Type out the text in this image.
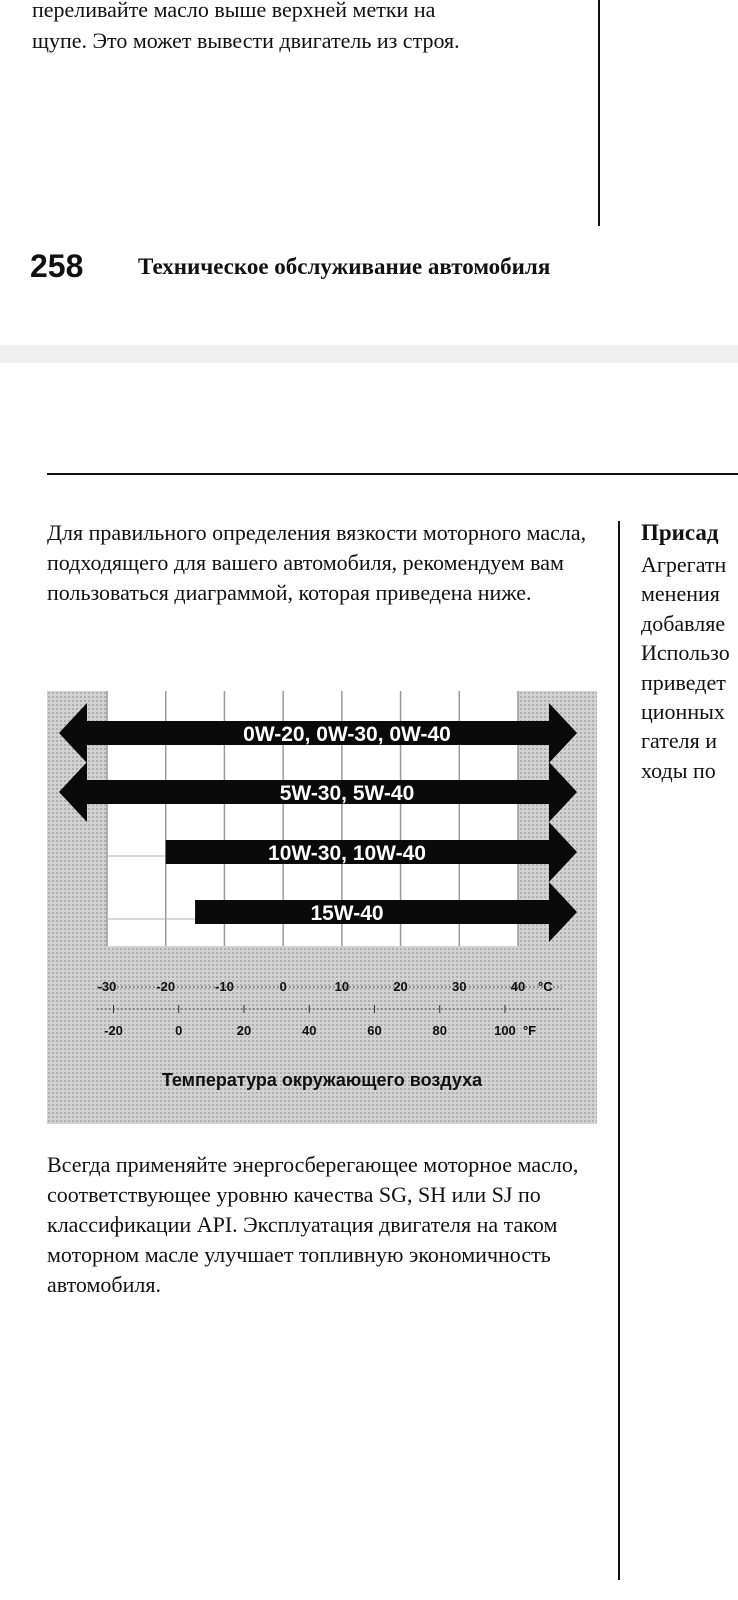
переливайте масло выше верхней метки на
щупе. Это может вывести двигатель из строя.

258 Техническое обслуживание автомобиля

Для правильного определения вязкости моторного масла, подходящего для вашего автомобиля, рекомендуем вам пользоваться диаграммой, которая приведена ниже.

0W-20, 0W-30, 0W-40
5W-30, 5W-40
10W-30, 10W-40
15W-40
°C
°F
Температура окружающего воздуха
-30	-20	-10	0	10	20	30	40
-20	0	20	40	60	80	100

Всегда применяйте энергосберегающее моторное масло, соответствующее уровню качества SG, SH или SJ по классификации API. Эксплуатация двигателя на таком моторном масле улучшает топливную экономичность автомобиля.

Присад

Агрегатн
менения
добавляе
Использо
приведет
ционных
гателя и
ходы по
